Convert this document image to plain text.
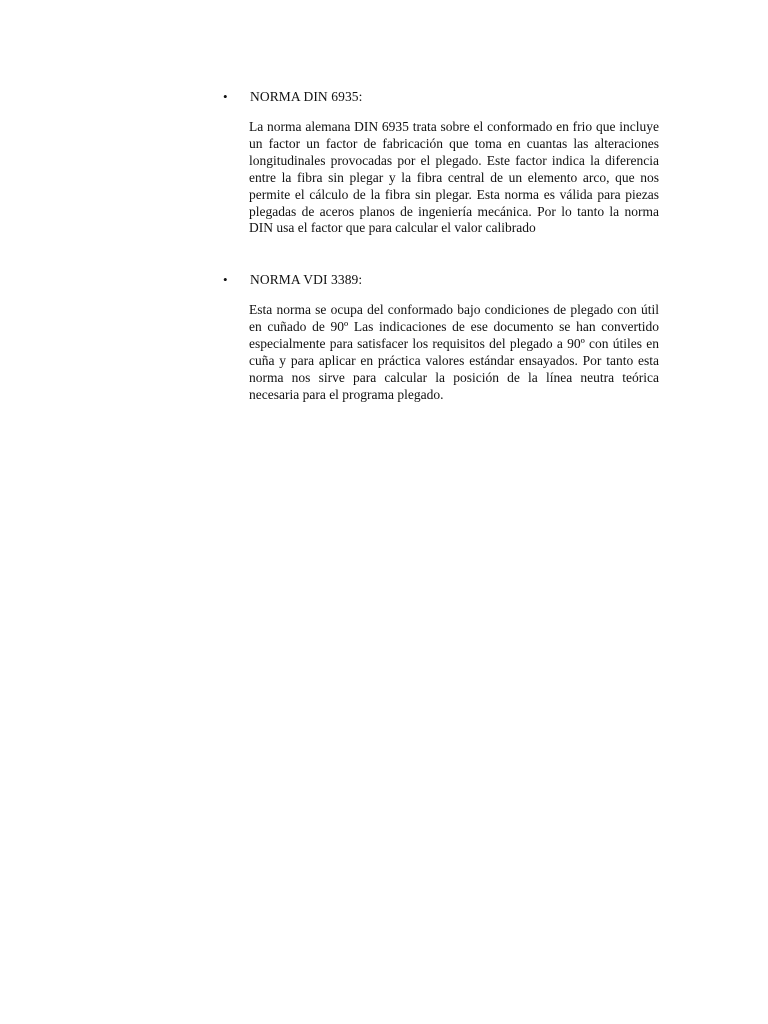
•	NORMA DIN 6935:

La norma alemana DIN 6935 trata sobre el conformado en frio que incluye un factor un factor de fabricación que toma en cuantas las alteraciones longitudinales provocadas por el plegado. Este factor indica la diferencia entre la fibra sin plegar y la fibra central de un elemento arco, que nos permite el cálculo de la fibra sin plegar. Esta norma es válida para piezas plegadas de aceros planos de ingeniería mecánica. Por lo tanto la norma DIN usa el factor que para calcular el valor calibrado

•	NORMA VDI 3389:

Esta norma se ocupa del conformado bajo condiciones de plegado con útil en cuñado de 90º Las indicaciones de ese documento se han convertido especialmente para satisfacer los requisitos del plegado a 90º con útiles en cuña y para aplicar en práctica valores estándar ensayados. Por tanto esta norma nos sirve para calcular la posición de la línea neutra teórica necesaria para el programa plegado.
